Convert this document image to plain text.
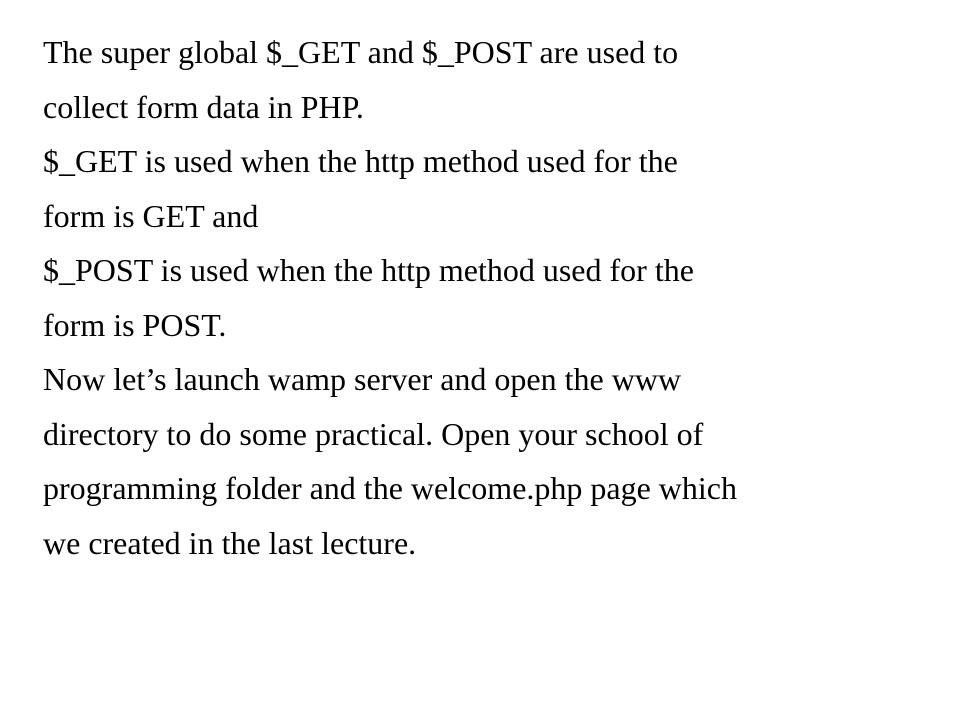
The super global $_GET and $_POST are used to
collect form data in PHP.
$_GET is used when the http method used for the
form is GET and
$_POST is used when the http method used for the
form is POST.
Now let’s launch wamp server and open the www
directory to do some practical. Open your school of
programming folder and the welcome.php page which
we created in the last lecture.
